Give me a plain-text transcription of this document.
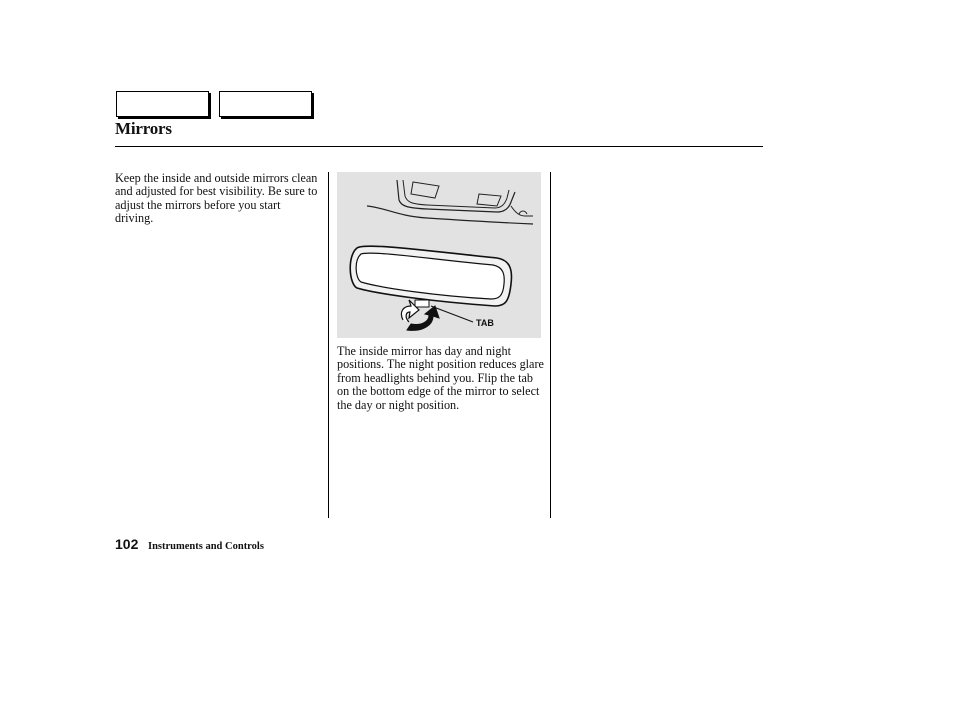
Mirrors
Keep the inside and outside mirrors clean and adjusted for best visibility. Be sure to adjust the mirrors before you start driving.
TAB
The inside mirror has day and night positions. The night position reduces glare from headlights behind you. Flip the tab on the bottom edge of the mirror to select the day or night position.
102 Instruments and Controls
